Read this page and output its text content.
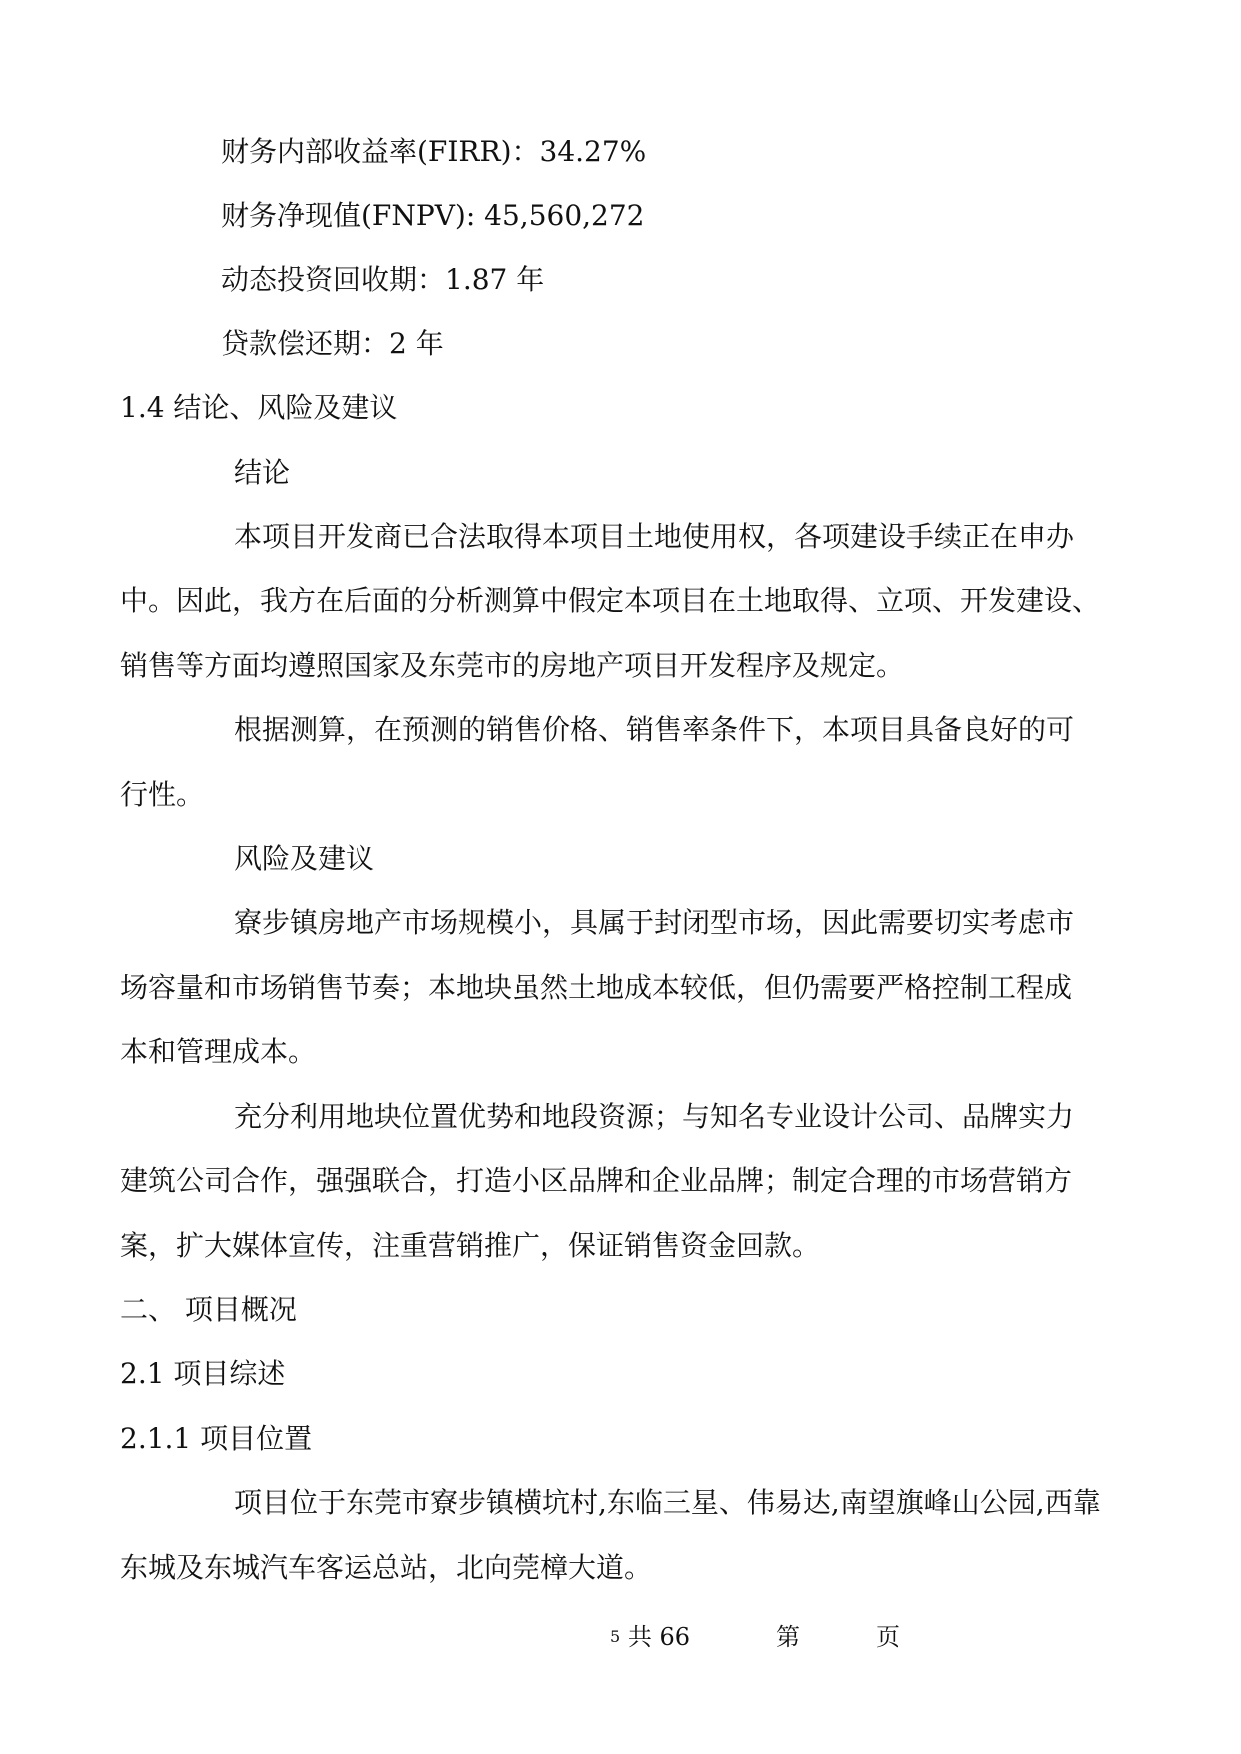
财务内部收益率(FIRR)：34.27%
财务净现值(FNPV): 45,560,272
动态投资回收期：1.87 年
贷款偿还期：2 年
1.4 结论、风险及建议
结论
本项目开发商已合法取得本项目土地使用权，各项建设手续正在申办
中。因此，我方在后面的分析测算中假定本项目在土地取得、立项、开发建设、
销售等方面均遵照国家及东莞市的房地产项目开发程序及规定。
根据测算，在预测的销售价格、销售率条件下，本项目具备良好的可
行性。
风险及建议
寮步镇房地产市场规模小，具属于封闭型市场，因此需要切实考虑市
场容量和市场销售节奏；本地块虽然土地成本较低，但仍需要严格控制工程成
本和管理成本。
充分利用地块位置优势和地段资源；与知名专业设计公司、品牌实力
建筑公司合作，强强联合，打造小区品牌和企业品牌；制定合理的市场营销方
案，扩大媒体宣传，注重营销推广，保证销售资金回款。
二、 项目概况
2.1 项目综述
2.1.1 项目位置
项目位于东莞市寮步镇横坑村,东临三星、伟易达,南望旗峰山公园,西靠
东城及东城汽车客运总站，北向莞樟大道。
$^5$ 共 66	第	页
